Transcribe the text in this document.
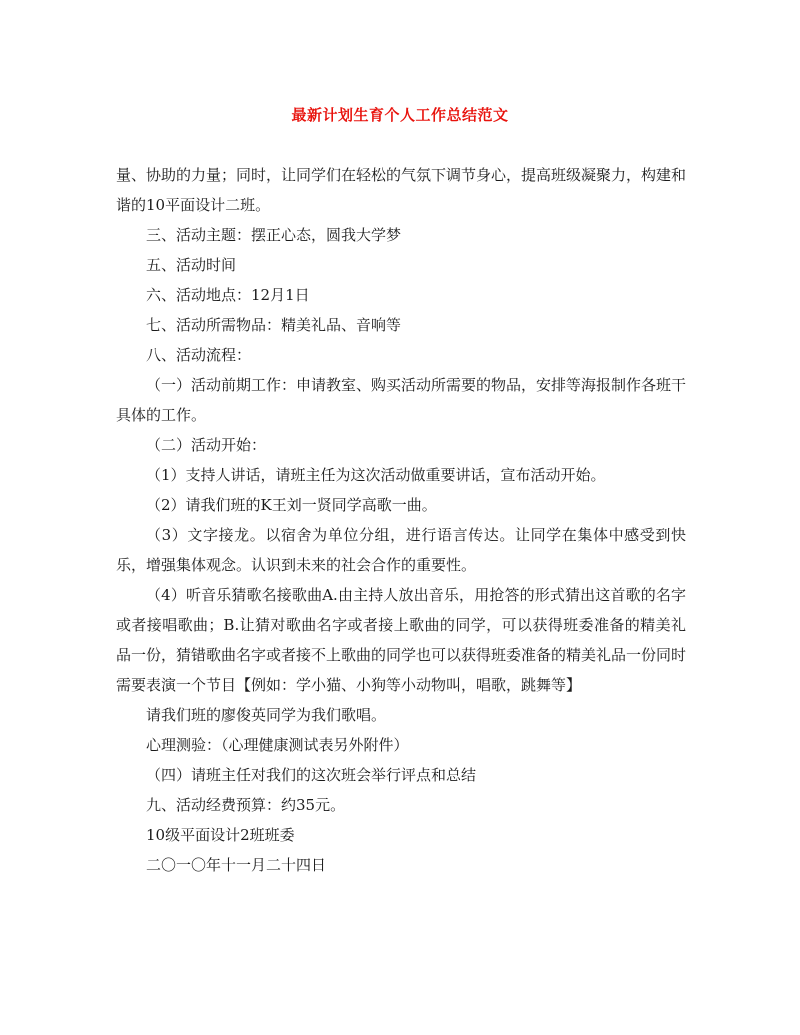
最新计划生育个人工作总结范文

量、协助的力量；同时，让同学们在轻松的气氛下调节身心，提高班级凝聚力，构建和谐的10平面设计二班。

三、活动主题：摆正心态，圆我大学梦

五、活动时间

六、活动地点：12月1日

七、活动所需物品：精美礼品、音响等

八、活动流程：

（一）活动前期工作：申请教室、购买活动所需要的物品，安排等海报制作各班干具体的工作。

（二）活动开始：

（1）支持人讲话，请班主任为这次活动做重要讲话，宣布活动开始。

（2）请我们班的K王刘一贤同学高歌一曲。

（3）文字接龙。以宿舍为单位分组，进行语言传达。让同学在集体中感受到快乐，增强集体观念。认识到未来的社会合作的重要性。

（4）听音乐猜歌名接歌曲A.由主持人放出音乐，用抢答的形式猜出这首歌的名字或者接唱歌曲；B.让猜对歌曲名字或者接上歌曲的同学，可以获得班委准备的精美礼品一份，猜错歌曲名字或者接不上歌曲的同学也可以获得班委准备的精美礼品一份同时需要表演一个节目【例如：学小猫、小狗等小动物叫，唱歌，跳舞等】

请我们班的廖俊英同学为我们歌唱。

心理测验：（心理健康测试表另外附件）

（四）请班主任对我们的这次班会举行评点和总结

九、活动经费预算：约35元。

10级平面设计2班班委

二〇一〇年十一月二十四日
